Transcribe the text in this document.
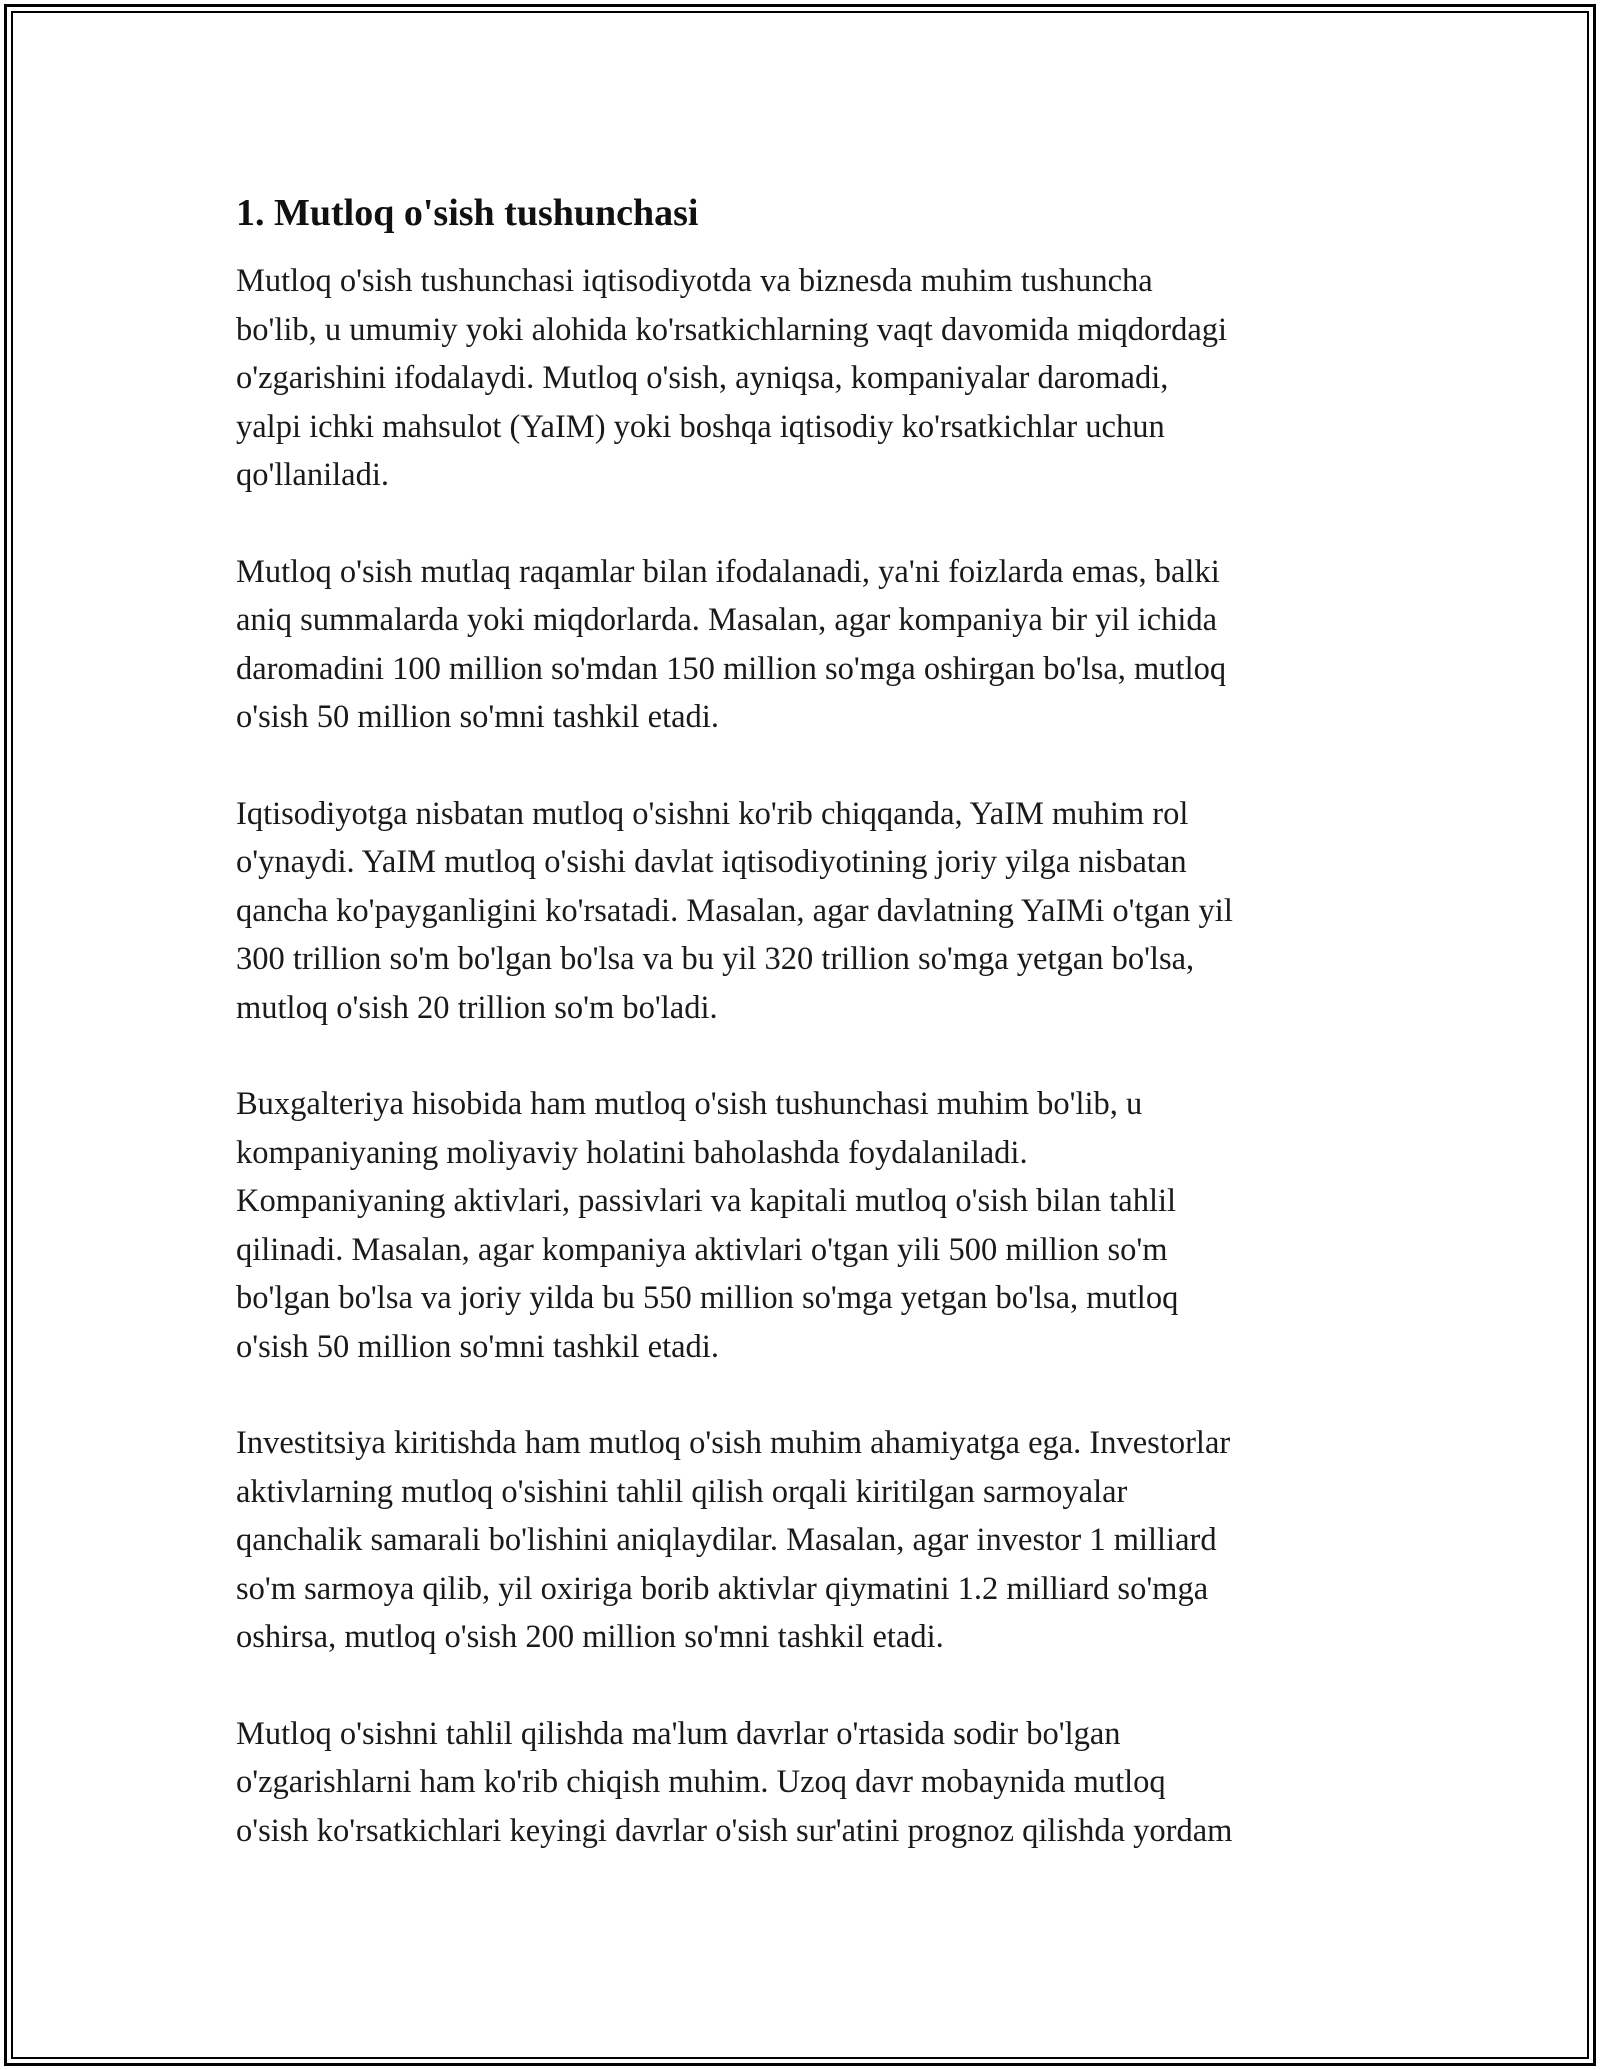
1. Mutloq o'sish tushunchasi

Mutloq o'sish tushunchasi iqtisodiyotda va biznesda muhim tushuncha
bo'lib, u umumiy yoki alohida ko'rsatkichlarning vaqt davomida miqdordagi
o'zgarishini ifodalaydi. Mutloq o'sish, ayniqsa, kompaniyalar daromadi,
yalpi ichki mahsulot (YaIM) yoki boshqa iqtisodiy ko'rsatkichlar uchun
qo'llaniladi.

Mutloq o'sish mutlaq raqamlar bilan ifodalanadi, ya'ni foizlarda emas, balki
aniq summalarda yoki miqdorlarda. Masalan, agar kompaniya bir yil ichida
daromadini 100 million so'mdan 150 million so'mga oshirgan bo'lsa, mutloq
o'sish 50 million so'mni tashkil etadi.

Iqtisodiyotga nisbatan mutloq o'sishni ko'rib chiqqanda, YaIM muhim rol
o'ynaydi. YaIM mutloq o'sishi davlat iqtisodiyotining joriy yilga nisbatan
qancha ko'payganligini ko'rsatadi. Masalan, agar davlatning YaIMi o'tgan yil
300 trillion so'm bo'lgan bo'lsa va bu yil 320 trillion so'mga yetgan bo'lsa,
mutloq o'sish 20 trillion so'm bo'ladi.

Buxgalteriya hisobida ham mutloq o'sish tushunchasi muhim bo'lib, u
kompaniyaning moliyaviy holatini baholashda foydalaniladi.
Kompaniyaning aktivlari, passivlari va kapitali mutloq o'sish bilan tahlil
qilinadi. Masalan, agar kompaniya aktivlari o'tgan yili 500 million so'm
bo'lgan bo'lsa va joriy yilda bu 550 million so'mga yetgan bo'lsa, mutloq
o'sish 50 million so'mni tashkil etadi.

Investitsiya kiritishda ham mutloq o'sish muhim ahamiyatga ega. Investorlar
aktivlarning mutloq o'sishini tahlil qilish orqali kiritilgan sarmoyalar
qanchalik samarali bo'lishini aniqlaydilar. Masalan, agar investor 1 milliard
so'm sarmoya qilib, yil oxiriga borib aktivlar qiymatini 1.2 milliard so'mga
oshirsa, mutloq o'sish 200 million so'mni tashkil etadi.

Mutloq o'sishni tahlil qilishda ma'lum davrlar o'rtasida sodir bo'lgan
o'zgarishlarni ham ko'rib chiqish muhim. Uzoq davr mobaynida mutloq
o'sish ko'rsatkichlari keyingi davrlar o'sish sur'atini prognoz qilishda yordam
